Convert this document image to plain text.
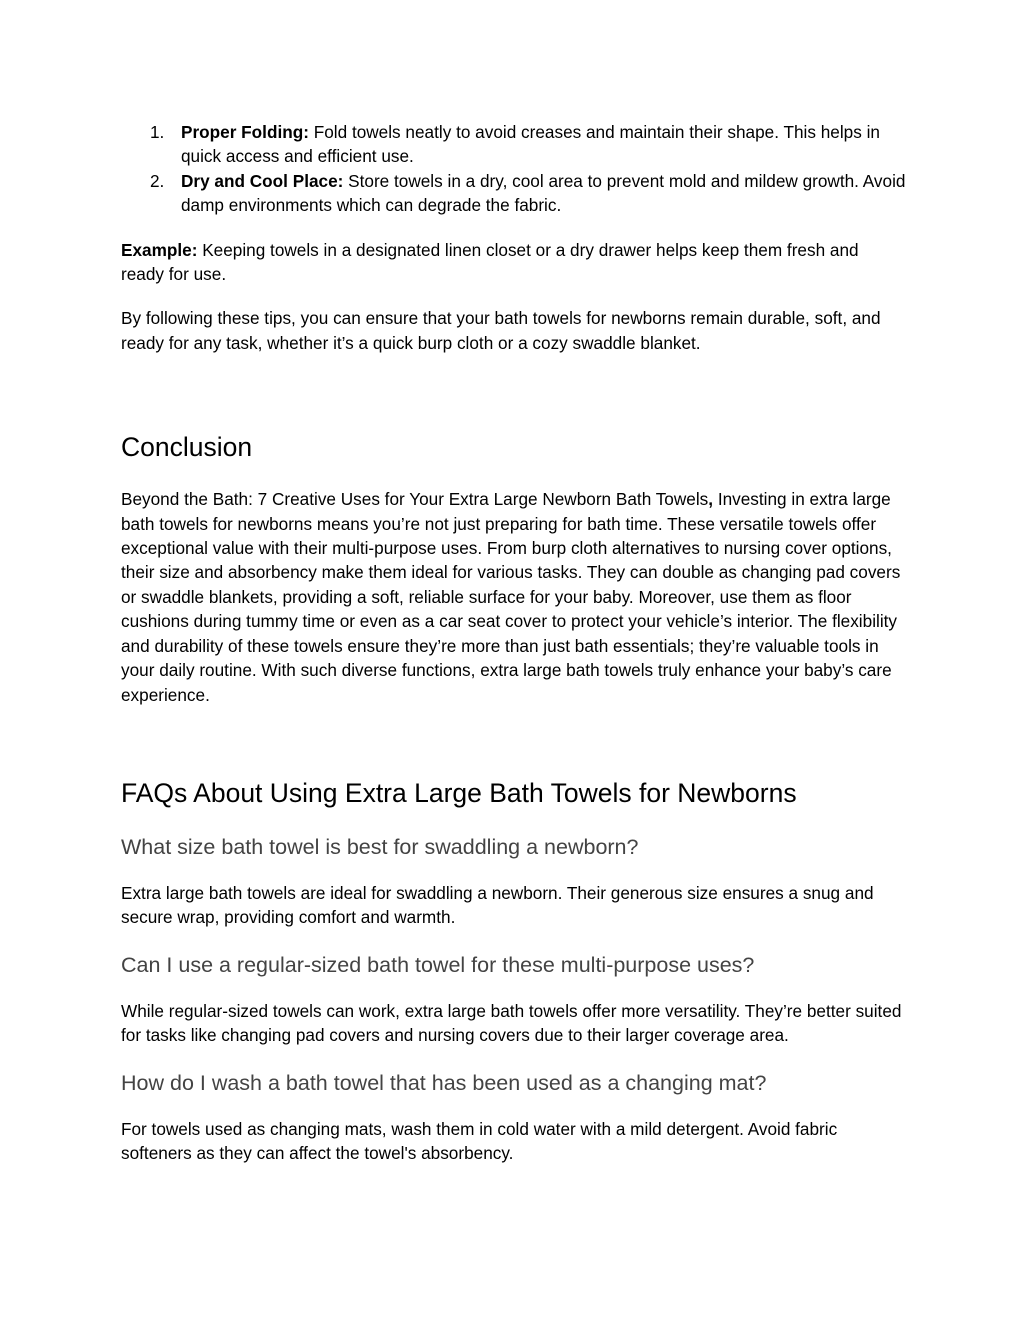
1. Proper Folding: Fold towels neatly to avoid creases and maintain their shape. This helps in quick access and efficient use.
2. Dry and Cool Place: Store towels in a dry, cool area to prevent mold and mildew growth. Avoid damp environments which can degrade the fabric.

Example: Keeping towels in a designated linen closet or a dry drawer helps keep them fresh and ready for use.

By following these tips, you can ensure that your bath towels for newborns remain durable, soft, and ready for any task, whether it’s a quick burp cloth or a cozy swaddle blanket.

Conclusion

Beyond the Bath: 7 Creative Uses for Your Extra Large Newborn Bath Towels, Investing in extra large bath towels for newborns means you’re not just preparing for bath time. These versatile towels offer exceptional value with their multi-purpose uses. From burp cloth alternatives to nursing cover options, their size and absorbency make them ideal for various tasks. They can double as changing pad covers or swaddle blankets, providing a soft, reliable surface for your baby. Moreover, use them as floor cushions during tummy time or even as a car seat cover to protect your vehicle’s interior. The flexibility and durability of these towels ensure they’re more than just bath essentials; they’re valuable tools in your daily routine. With such diverse functions, extra large bath towels truly enhance your baby’s care experience.

FAQs About Using Extra Large Bath Towels for Newborns
What size bath towel is best for swaddling a newborn?

Extra large bath towels are ideal for swaddling a newborn. Their generous size ensures a snug and secure wrap, providing comfort and warmth.

Can I use a regular-sized bath towel for these multi-purpose uses?

While regular-sized towels can work, extra large bath towels offer more versatility. They’re better suited for tasks like changing pad covers and nursing covers due to their larger coverage area.

How do I wash a bath towel that has been used as a changing mat?

For towels used as changing mats, wash them in cold water with a mild detergent. Avoid fabric softeners as they can affect the towel's absorbency.
